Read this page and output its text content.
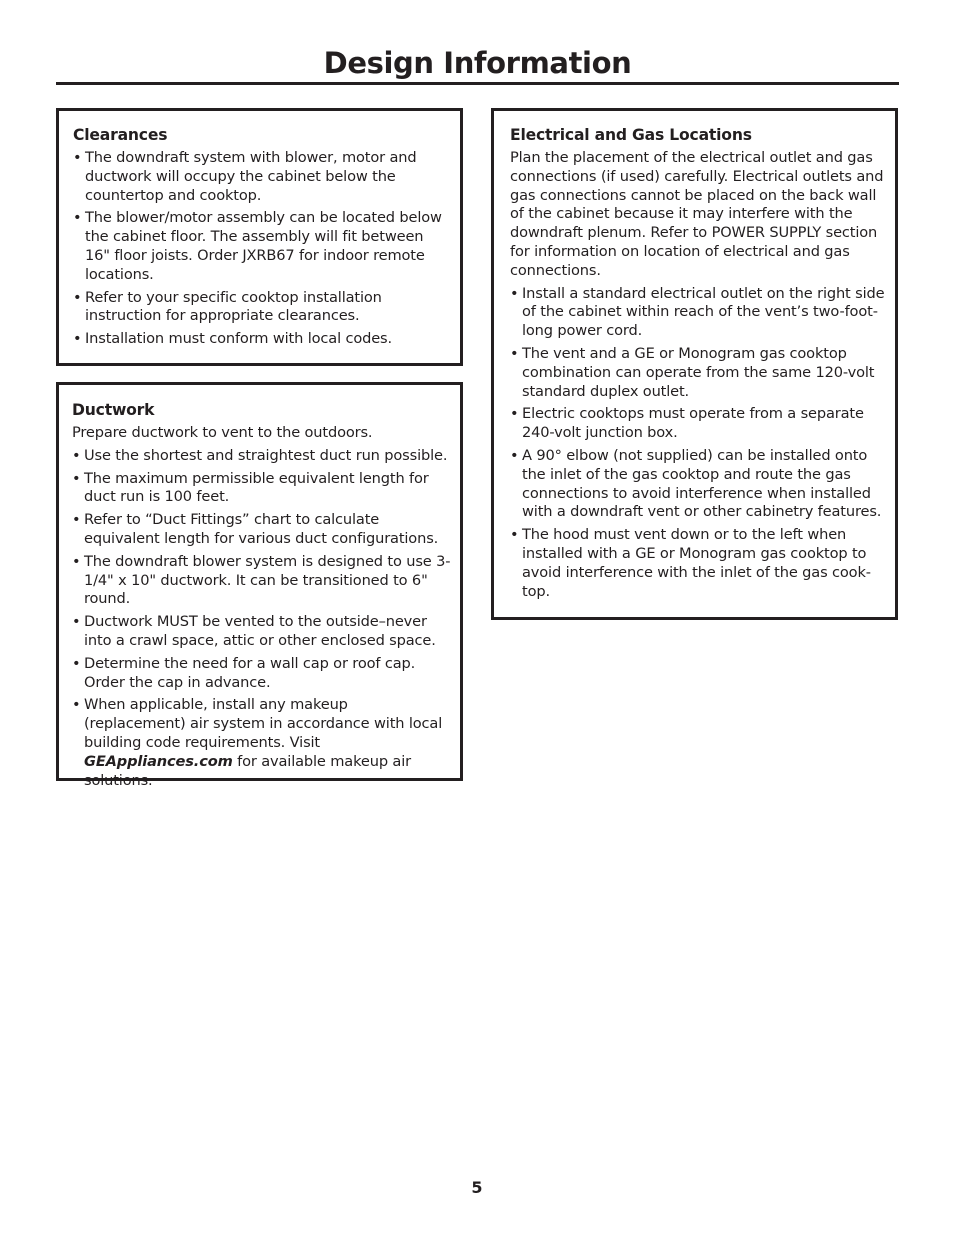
Design Information
Clearances
• The downdraft system with blower, motor and ductwork will occupy the cabinet below the countertop and cooktop.
• The blower/motor assembly can be located below the cabinet floor. The assembly will fit between 16" floor joists. Order JXRB67 for indoor remote locations.
• Refer to your specific cooktop installation instruction for appropriate clearances.
• Installation must conform with local codes.
Ductwork

Prepare ductwork to vent to the outdoors.

• Use the shortest and straightest duct run possible.
• The maximum permissible equivalent length for duct run is 100 feet.
• Refer to “Duct Fittings” chart to calculate equivalent length for various duct configurations.
• The downdraft blower system is designed to use 3-1/4" x 10" ductwork. It can be transitioned to 6" round.
• Ductwork MUST be vented to the outside–never into a crawl space, attic or other enclosed space.
• Determine the need for a wall cap or roof cap. Order the cap in advance.
• When applicable, install any makeup (replacement) air system in accordance with local building code requirements. Visit GEAppliances.com for available makeup air solutions.
Electrical and Gas Locations

Plan the placement of the electrical outlet and gas connections (if used) carefully. Electrical outlets and gas connections cannot be placed on the back wall of the cabinet because it may interfere with the downdraft plenum. Refer to POWER SUPPLY section for information on location of electrical and gas connections.

• Install a standard electrical outlet on the right side of the cabinet within reach of the vent’s two-foot-long power cord.
• The vent and a GE or Monogram gas cooktop combination can operate from the same 120-volt standard duplex outlet.
• Electric cooktops must operate from a separate 240-volt junction box.
• A 90° elbow (not supplied) can be installed onto the inlet of the gas cooktop and route the gas connections to avoid interference when installed with a downdraft vent or other cabinetry features.
• The hood must vent down or to the left when installed with a GE or Monogram gas cooktop to avoid interference with the inlet of the gas cook-top.
5
